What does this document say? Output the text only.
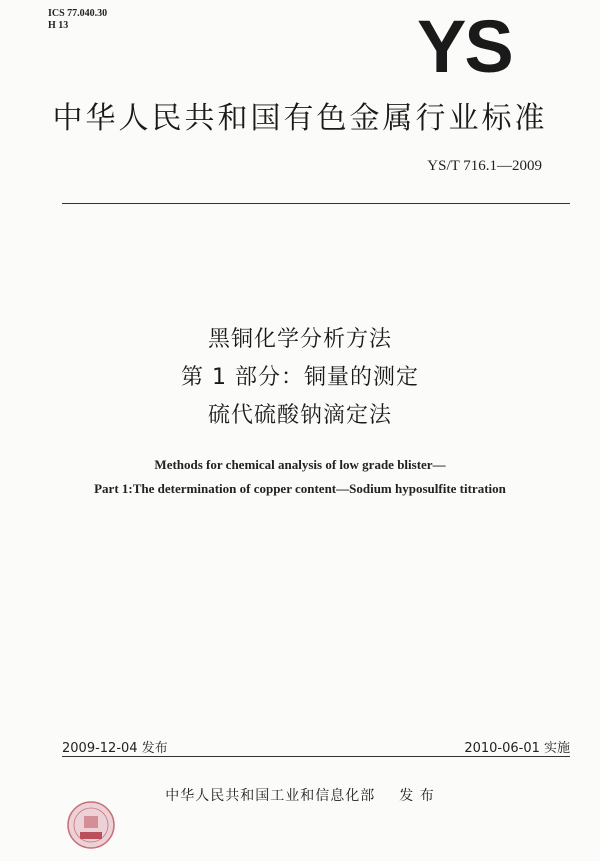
ICS 77.040.30
H 13	YS
中华人民共和国有色金属行业标准
YS/T 716.1—2009
黑铜化学分析方法
第 1 部分：铜量的测定
硫代硫酸钠滴定法
Methods for chemical analysis of low grade blister—
Part 1:The determination of copper content—Sodium hyposulfite titration
2009-12-04 发布	2010-06-01 实施
中华人民共和国工业和信息化部 发 布
